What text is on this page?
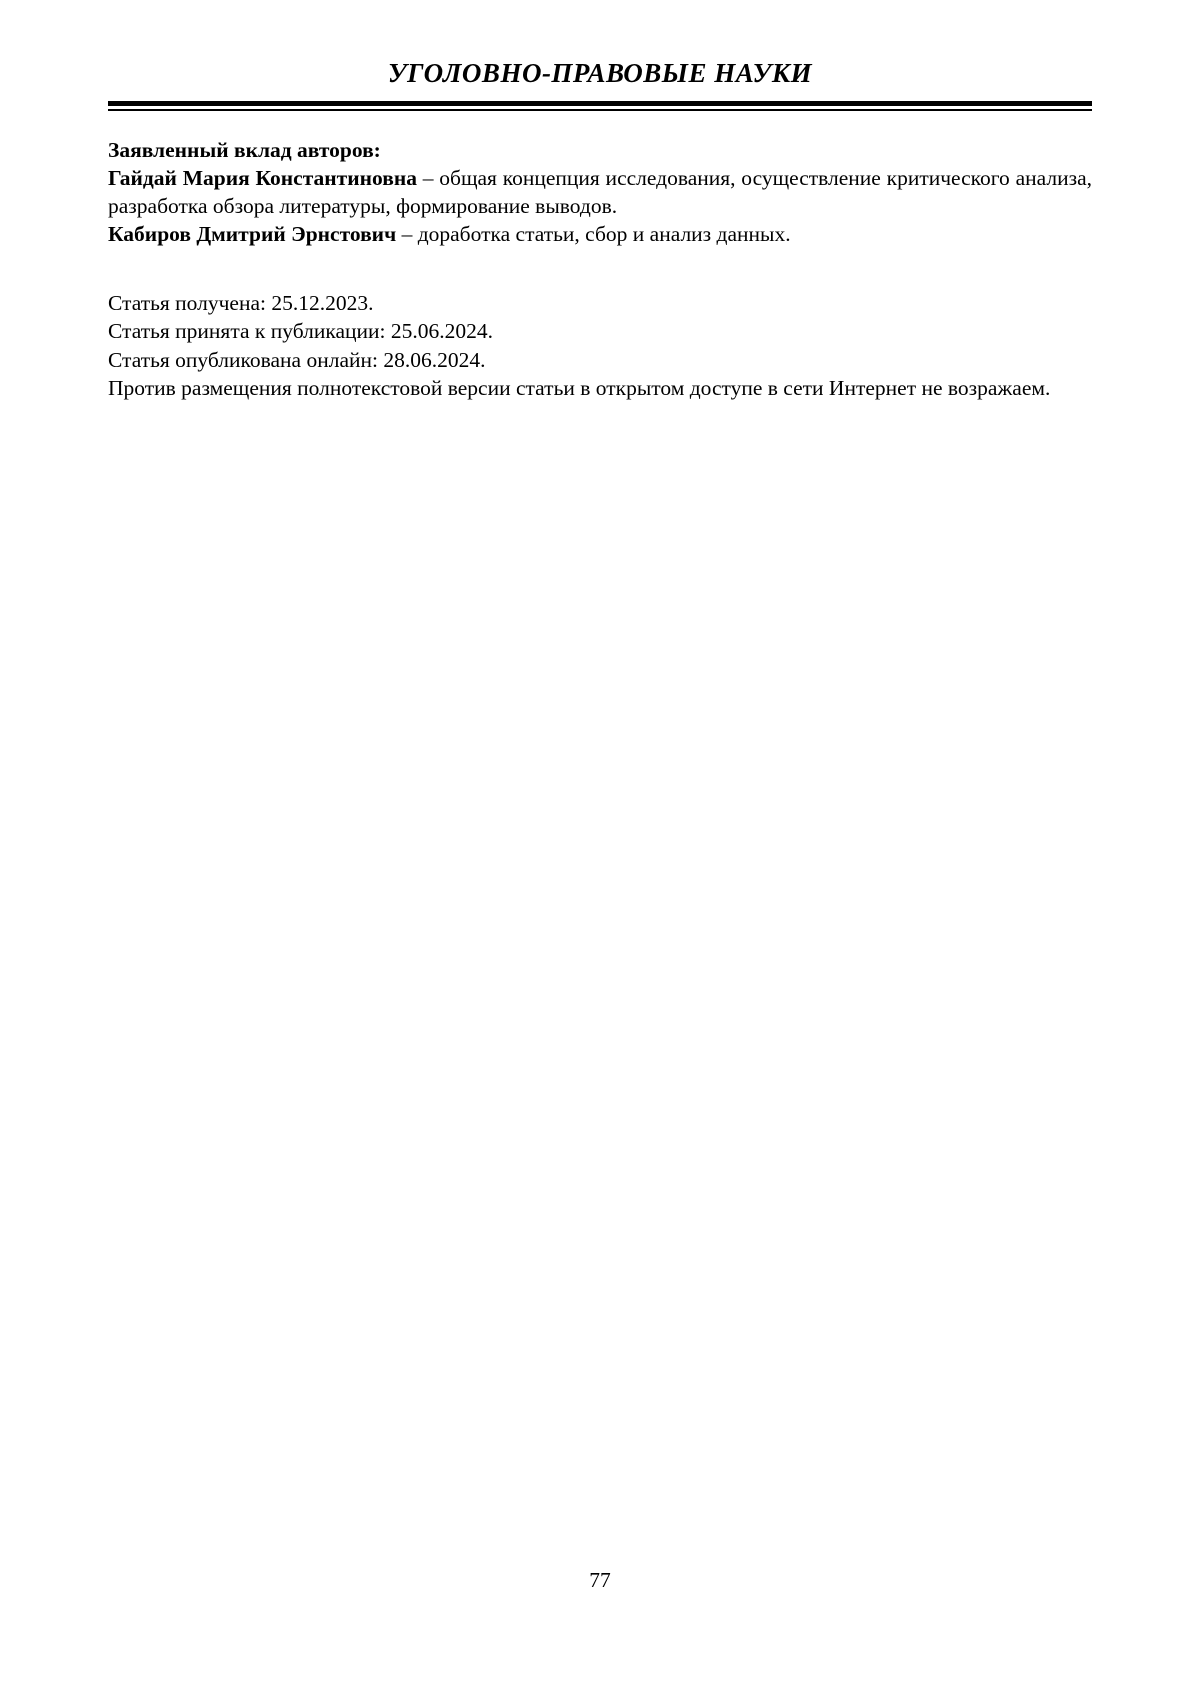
УГОЛОВНО-ПРАВОВЫЕ НАУКИ

Заявленный вклад авторов:

Гайдай Мария Константиновна – общая концепция исследования, осуществление критического анализа, разработка обзора литературы, формирование выводов.

Кабиров Дмитрий Эрнстович – доработка статьи, сбор и анализ данных.

Статья получена: 25.12.2023.

Статья принята к публикации: 25.06.2024.

Статья опубликована онлайн: 28.06.2024.

Против размещения полнотекстовой версии статьи в открытом доступе в сети Интернет не возражаем.

77
